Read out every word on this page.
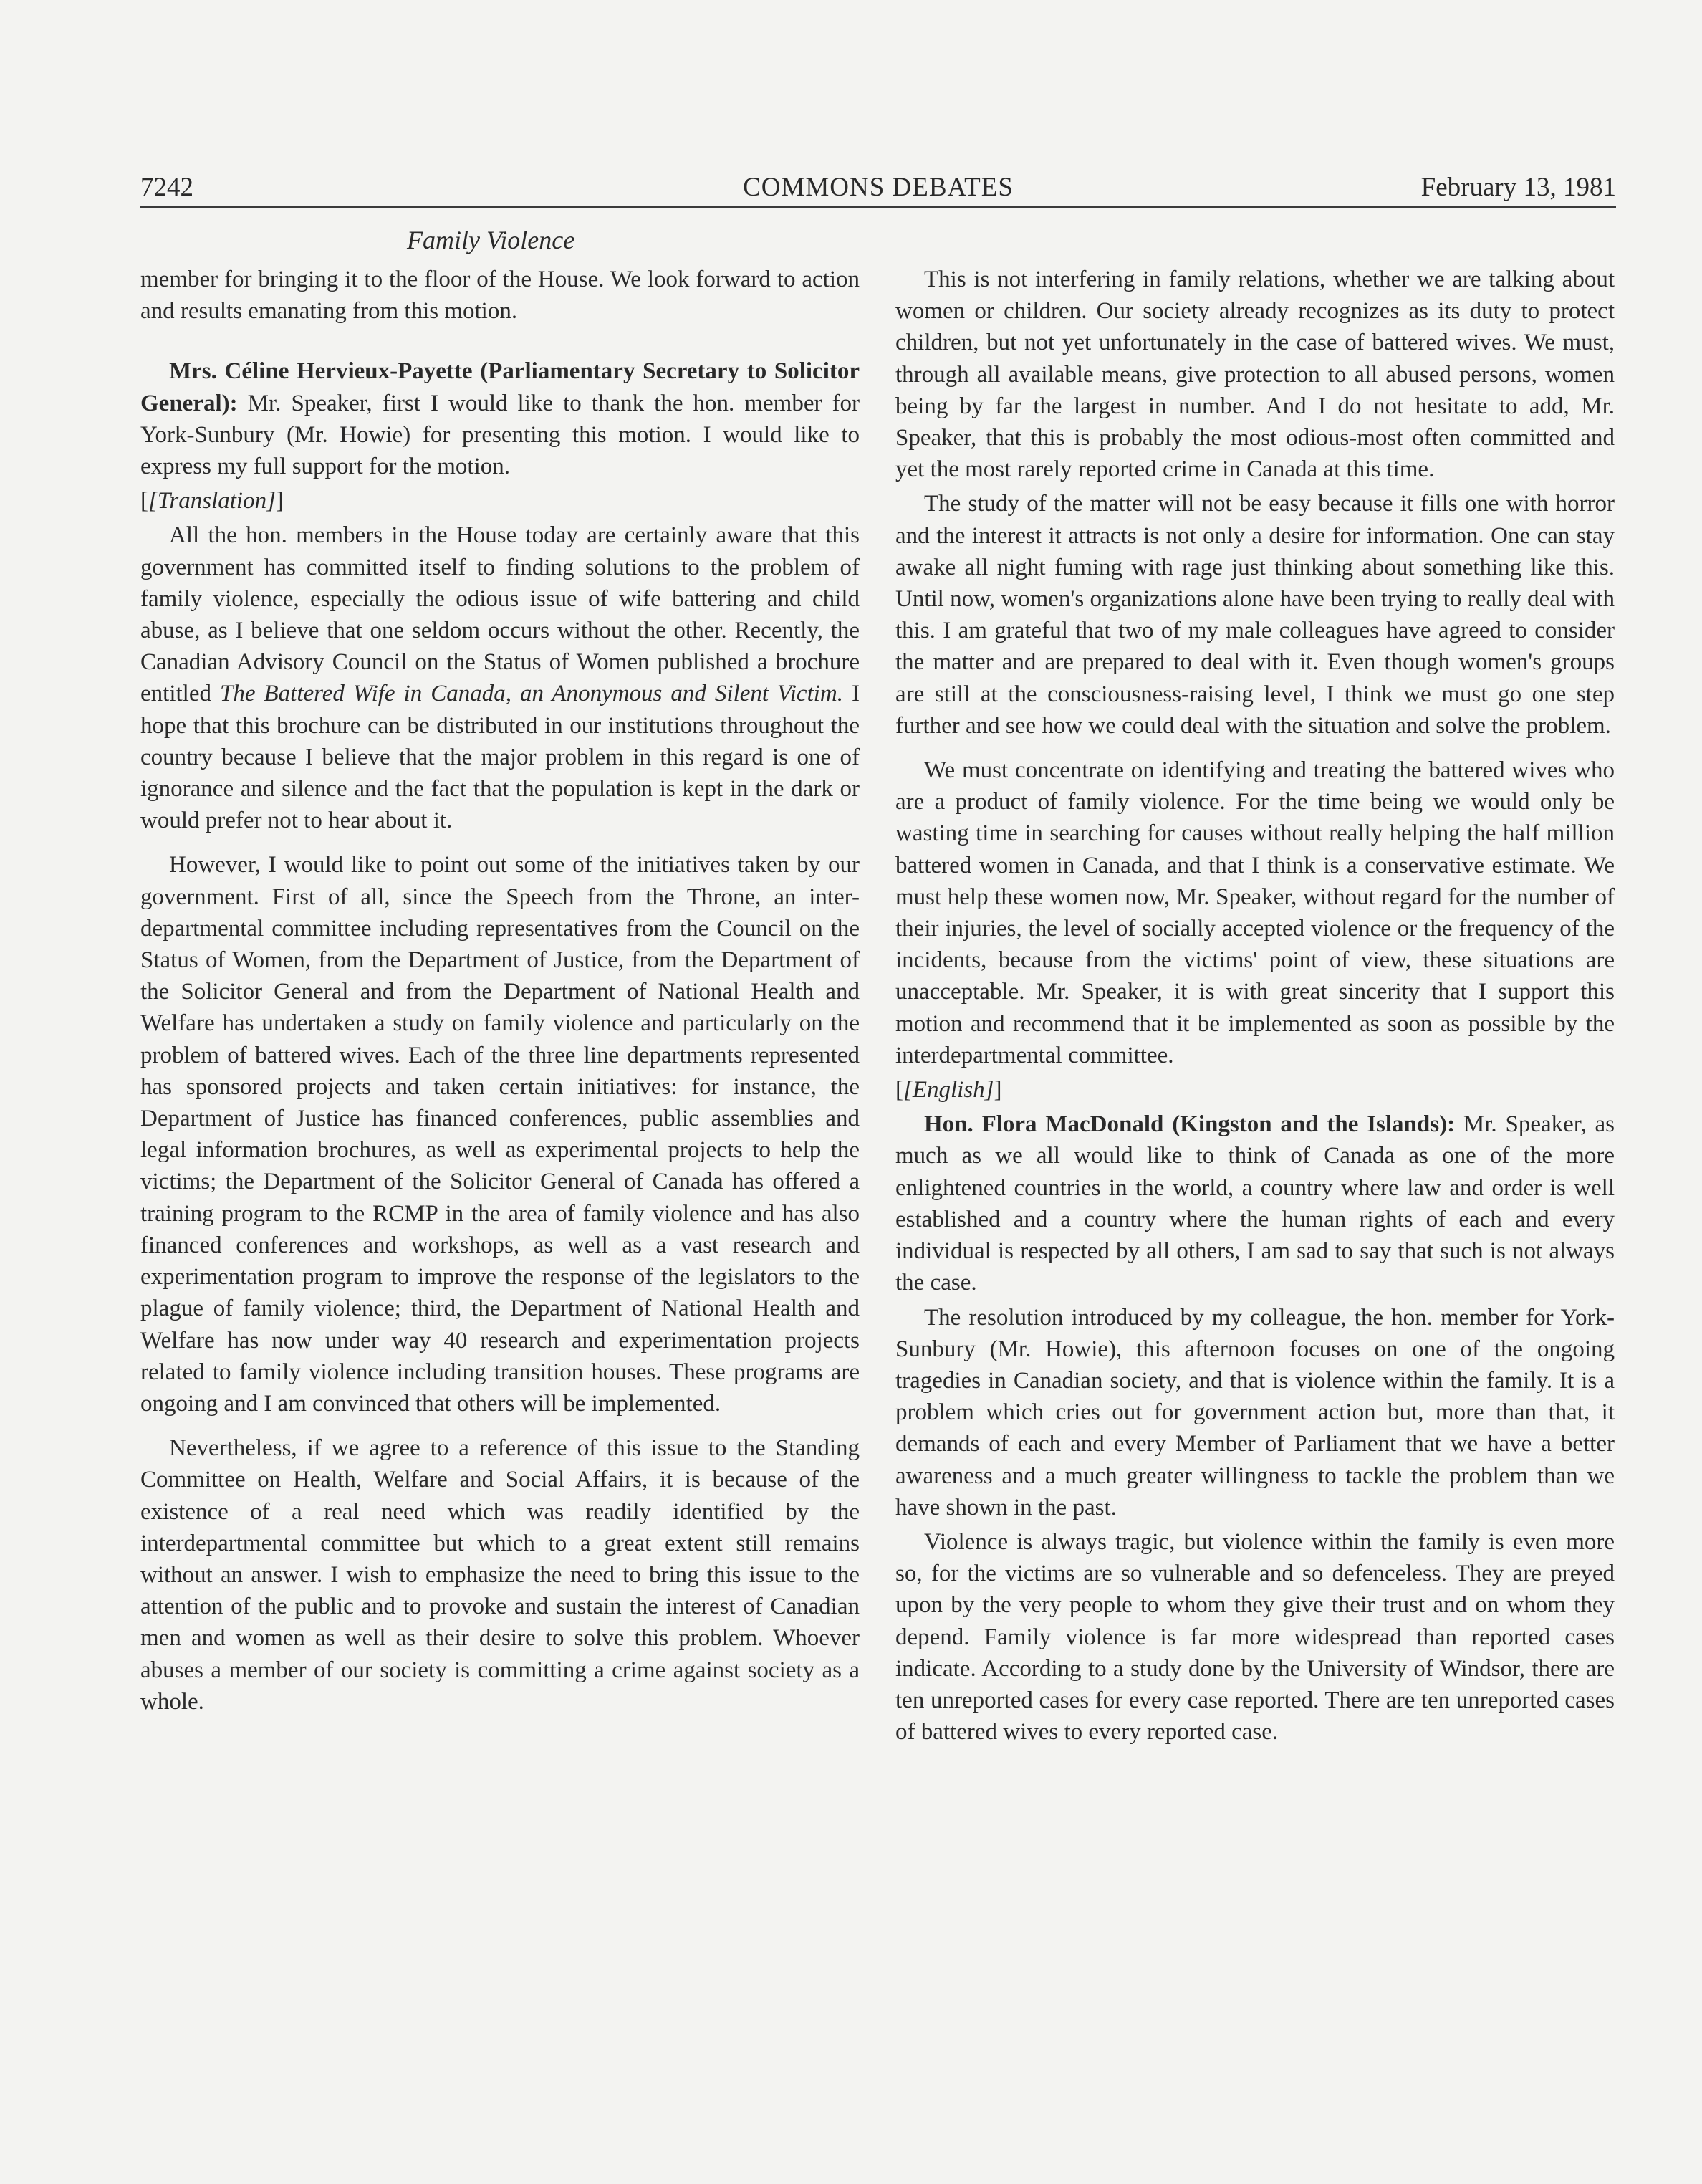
7242	COMMONS DEBATES	February 13, 1981
Family Violence

member for bringing it to the floor of the House. We look forward to action and results emanating from this motion.

Mrs. Céline Hervieux-Payette (Parliamentary Secretary to Solicitor General): Mr. Speaker, first I would like to thank the hon. member for York-Sunbury (Mr. Howie) for presenting this motion. I would like to express my full support for the motion.

[[Translation]]

All the hon. members in the House today are certainly aware that this government has committed itself to finding solutions to the problem of family violence, especially the odious issue of wife battering and child abuse, as I believe that one seldom occurs without the other. Recently, the Canadian Advisory Council on the Status of Women published a brochure entitled The Battered Wife in Canada, an Anonymous and Silent Victim. I hope that this brochure can be distributed in our institutions throughout the country because I believe that the major problem in this regard is one of ignorance and silence and the fact that the population is kept in the dark or would prefer not to hear about it.

However, I would like to point out some of the initiatives taken by our government. First of all, since the Speech from the Throne, an inter-departmental committee including representatives from the Council on the Status of Women, from the Department of Justice, from the Department of the Solicitor General and from the Department of National Health and Welfare has undertaken a study on family violence and particularly on the problem of battered wives. Each of the three line departments represented has sponsored projects and taken certain initiatives: for instance, the Department of Justice has financed conferences, public assemblies and legal information brochures, as well as experimental projects to help the victims; the Department of the Solicitor General of Canada has offered a training program to the RCMP in the area of family violence and has also financed conferences and workshops, as well as a vast research and experimentation program to improve the response of the legislators to the plague of family violence; third, the Department of National Health and Welfare has now under way 40 research and experimentation projects related to family violence including transition houses. These programs are ongoing and I am convinced that others will be implemented.

Nevertheless, if we agree to a reference of this issue to the Standing Committee on Health, Welfare and Social Affairs, it is because of the existence of a real need which was readily identified by the interdepartmental committee but which to a great extent still remains without an answer. I wish to emphasize the need to bring this issue to the attention of the public and to provoke and sustain the interest of Canadian men and women as well as their desire to solve this problem. Whoever abuses a member of our society is committing a crime against society as a whole.

This is not interfering in family relations, whether we are talking about women or children. Our society already recognizes as its duty to protect children, but not yet unfortunately in the case of battered wives. We must, through all available means, give protection to all abused persons, women being by far the largest in number. And I do not hesitate to add, Mr. Speaker, that this is probably the most odious-most often committed and yet the most rarely reported crime in Canada at this time.

The study of the matter will not be easy because it fills one with horror and the interest it attracts is not only a desire for information. One can stay awake all night fuming with rage just thinking about something like this. Until now, women's organizations alone have been trying to really deal with this. I am grateful that two of my male colleagues have agreed to consider the matter and are prepared to deal with it. Even though women's groups are still at the consciousness-raising level, I think we must go one step further and see how we could deal with the situation and solve the problem.

We must concentrate on identifying and treating the battered wives who are a product of family violence. For the time being we would only be wasting time in searching for causes without really helping the half million battered women in Canada, and that I think is a conservative estimate. We must help these women now, Mr. Speaker, without regard for the number of their injuries, the level of socially accepted violence or the frequency of the incidents, because from the victims' point of view, these situations are unacceptable. Mr. Speaker, it is with great sincerity that I support this motion and recommend that it be implemented as soon as possible by the interdepartmental committee.

[[English]]

Hon. Flora MacDonald (Kingston and the Islands): Mr. Speaker, as much as we all would like to think of Canada as one of the more enlightened countries in the world, a country where law and order is well established and a country where the human rights of each and every individual is respected by all others, I am sad to say that such is not always the case.

The resolution introduced by my colleague, the hon. member for York-Sunbury (Mr. Howie), this afternoon focuses on one of the ongoing tragedies in Canadian society, and that is violence within the family. It is a problem which cries out for government action but, more than that, it demands of each and every Member of Parliament that we have a better awareness and a much greater willingness to tackle the problem than we have shown in the past.

Violence is always tragic, but violence within the family is even more so, for the victims are so vulnerable and so defenceless. They are preyed upon by the very people to whom they give their trust and on whom they depend. Family violence is far more widespread than reported cases indicate. According to a study done by the University of Windsor, there are ten unreported cases for every case reported. There are ten unreported cases of battered wives to every reported case.
